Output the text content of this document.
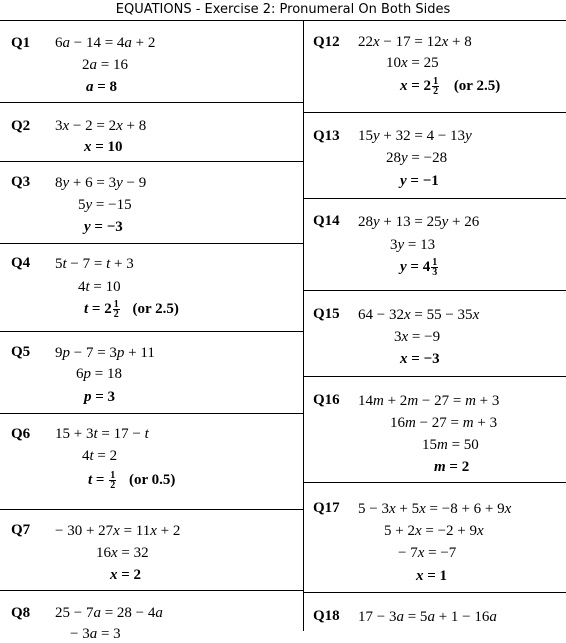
EQUATIONS - Exercise 2: Pronumeral On Both Sides
Q1 6a − 14 = 4a + 2
2a = 16
a = 8
Q2 3x − 2 = 2x + 8
x = 10
Q3 8y + 6 = 3y − 9
5y = −15
y = −3
Q4 5t − 7 = t + 3
4t = 10
$t = 2 \frac{1}{2} (or$ 2.5)
Q5 9p − 7 = 3p + 11
6p = 18
p = 3
Q6 15 + 3t = 17 − t
4t = 2
$t = \frac{1}{2} (or$ 0.5)
Q7 − 30 + 27x = 11x + 2
16x = 32
x = 2
Q8 25 − 7a = 28 − 4a
− 3a = 3
Q12 22x − 17 = 12x + 8
10x = 25
$x = 2 \frac{1}{2} (or$ 2.5)
Q13 15y + 32 = 4 − 13y
28y = −28
y = −1
Q14 28y + 13 = 25y + 26
3y = 13
$y = 4 \frac{1}{3}$
Q15 64 − 32x = 55 − 35x
3x = −9
x = −3
Q16 14m + 2m − 27 = m + 3
16m − 27 = m + 3
15m = 50
m = 2
Q17 5 − 3x + 5x = −8 + 6 + 9x
5 + 2x = −2 + 9x
− 7x = −7
x = 1
Q18 17 − 3a = 5a + 1 − 16a
